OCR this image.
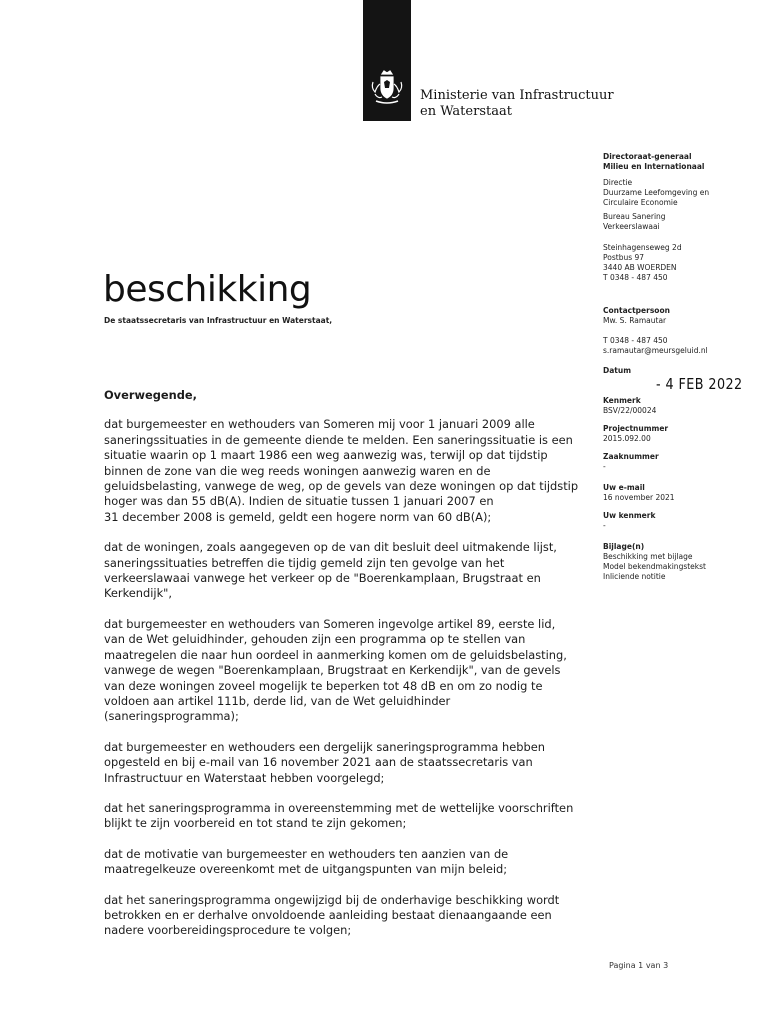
Ministerie van Infrastructuur
en Waterstaat
Directoraat-generaal
Milieu en Internationaal
Directie
Duurzame Leefomgeving en
Circulaire Economie
Bureau Sanering
Verkeerslawaai
Steinhagenseweg 2d
Postbus 97
3440 AB WOERDEN
T 0348 - 487 450
Contactpersoon
Mw. S. Ramautar
T 0348 - 487 450
s.ramautar@meursgeluid.nl
Datum
- 4 FEB 2022
Kenmerk
BSV/22/00024
Projectnummer
2015.092.00
Zaaknummer
-
Uw e-mail
16 november 2021
Uw kenmerk
-
Bijlage(n)
Beschikking met bijlage
Model bekendmakingstekst
Inliciende notitie
beschikking
De staatssecretaris van Infrastructuur en Waterstaat,
Overwegende,

dat burgemeester en wethouders van Someren mij voor 1 januari 2009 alle
saneringssituaties in de gemeente diende te melden. Een saneringssituatie is een
situatie waarin op 1 maart 1986 een weg aanwezig was, terwijl op dat tijdstip
binnen de zone van die weg reeds woningen aanwezig waren en de
geluidsbelasting, vanwege de weg, op de gevels van deze woningen op dat tijdstip
hoger was dan 55 dB(A). Indien de situatie tussen 1 januari 2007 en
31 december 2008 is gemeld, geldt een hogere norm van 60 dB(A);

dat de woningen, zoals aangegeven op de van dit besluit deel uitmakende lijst,
saneringssituaties betreffen die tijdig gemeld zijn ten gevolge van het
verkeerslawaai vanwege het verkeer op de "Boerenkamplaan, Brugstraat en
Kerkendijk",

dat burgemeester en wethouders van Someren ingevolge artikel 89, eerste lid,
van de Wet geluidhinder, gehouden zijn een programma op te stellen van
maatregelen die naar hun oordeel in aanmerking komen om de geluidsbelasting,
vanwege de wegen "Boerenkamplaan, Brugstraat en Kerkendijk", van de gevels
van deze woningen zoveel mogelijk te beperken tot 48 dB en om zo nodig te
voldoen aan artikel 111b, derde lid, van de Wet geluidhinder
(saneringsprogramma);

dat burgemeester en wethouders een dergelijk saneringsprogramma hebben
opgesteld en bij e-mail van 16 november 2021 aan de staatssecretaris van
Infrastructuur en Waterstaat hebben voorgelegd;

dat het saneringsprogramma in overeenstemming met de wettelijke voorschriften
blijkt te zijn voorbereid en tot stand te zijn gekomen;

dat de motivatie van burgemeester en wethouders ten aanzien van de
maatregelkeuze overeenkomt met de uitgangspunten van mijn beleid;

dat het saneringsprogramma ongewijzigd bij de onderhavige beschikking wordt
betrokken en er derhalve onvoldoende aanleiding bestaat dienaangaande een
nadere voorbereidingsprocedure te volgen;

Pagina 1 van 3
